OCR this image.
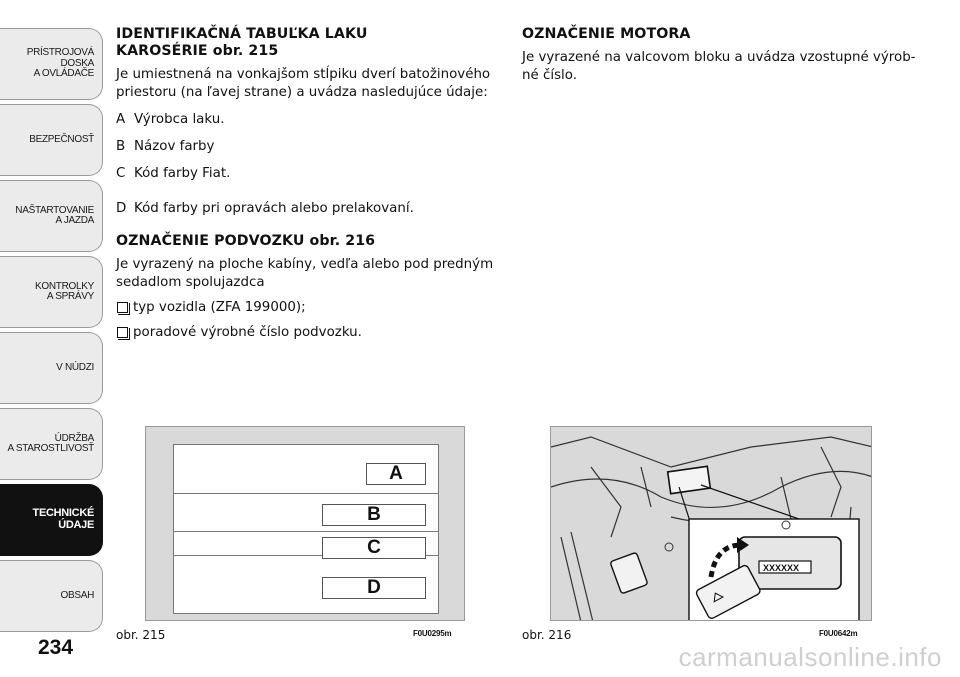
PRÍSTROJOVÁ
DOSKA
A OVLÁDAČE
BEZPEČNOSŤ
NAŠTARTOVANIE
A JAZDA
KONTROLKY
A SPRÁVY
V NÚDZI
ÚDRŽBA
A STAROSTLIVOSŤ
TECHNICKÉ ÚDAJE
OBSAH
234
IDENTIFIKAČNÁ TABUĽKA LAKU
KAROSÉRIE obr. 215

Je umiestnená na vonkajšom stĺpiku dverí batožinového priestoru (na ľavej strane) a uvádza nasledujúce údaje:

A Výrobca laku.
B Názov farby
C Kód farby Fiat.
D Kód farby pri opravách alebo prelakovaní.
OZNAČENIE PODVOZKU obr. 216

Je vyrazený na ploche kabíny, vedľa alebo pod predným sedadlom spolujazdca

typ vozidla (ZFA 199000);
poradové výrobné číslo podvozku.
OZNAČENIE MOTORA

Je vyrazené na valcovom bloku a uvádza vzostupné výrob-né číslo.

A
B
C
D
obr. 215	F0U0295m
XXXXXX
obr. 216	F0U0642m
carmanualsonline.info
